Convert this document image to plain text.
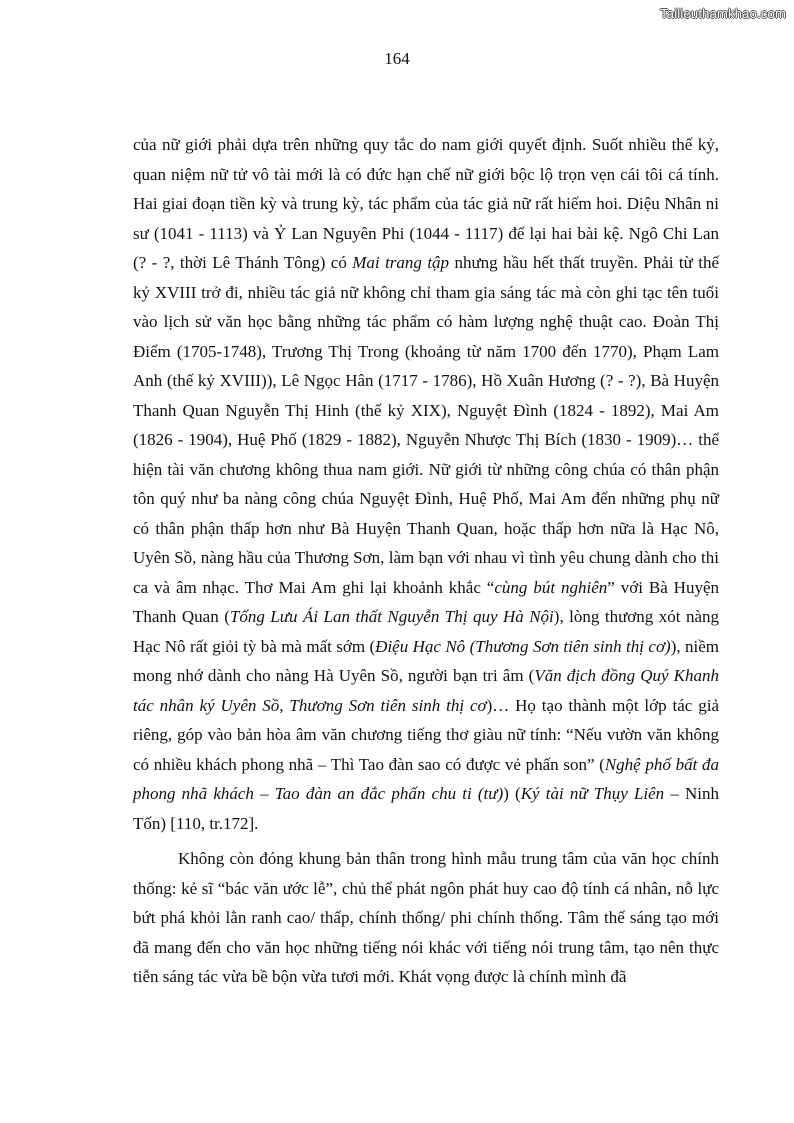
Tailieuthamkhao.com
164

của nữ giới phải dựa trên những quy tắc do nam giới quyết định. Suốt nhiều thế kỷ, quan niệm nữ tử vô tài mới là có đức hạn chế nữ giới bộc lộ trọn vẹn cái tôi cá tính. Hai giai đoạn tiền kỳ và trung kỳ, tác phẩm của tác giả nữ rất hiếm hoi. Diệu Nhân ni sư (1041 - 1113) và Ỷ Lan Nguyên Phi (1044 - 1117) để lại hai bài kệ. Ngô Chi Lan (? - ?, thời Lê Thánh Tông) có Mai trang tập nhưng hầu hết thất truyền. Phải từ thế kỷ XVIII trở đi, nhiều tác giả nữ không chỉ tham gia sáng tác mà còn ghi tạc tên tuổi vào lịch sử văn học bằng những tác phẩm có hàm lượng nghệ thuật cao. Đoàn Thị Điểm (1705-1748), Trương Thị Trong (khoảng từ năm 1700 đến 1770), Phạm Lam Anh (thế kỷ XVIII)), Lê Ngọc Hân (1717 - 1786), Hồ Xuân Hương (? - ?), Bà Huyện Thanh Quan Nguyễn Thị Hinh (thế kỷ XIX), Nguyệt Đình (1824 - 1892), Mai Am (1826 - 1904), Huệ Phố (1829 - 1882), Nguyễn Nhược Thị Bích (1830 - 1909)… thể hiện tài văn chương không thua nam giới. Nữ giới từ những công chúa có thân phận tôn quý như ba nàng công chúa Nguyệt Đình, Huệ Phố, Mai Am đến những phụ nữ có thân phận thấp hơn như Bà Huyện Thanh Quan, hoặc thấp hơn nữa là Hạc Nô, Uyên Sồ, nàng hầu của Thương Sơn, làm bạn với nhau vì tình yêu chung dành cho thi ca và âm nhạc. Thơ Mai Am ghi lại khoảnh khắc “cùng bút nghiên” với Bà Huyện Thanh Quan (Tống Lưu Ái Lan thất Nguyễn Thị quy Hà Nội), lòng thương xót nàng Hạc Nô rất giỏi tỳ bà mà mất sớm (Điệu Hạc Nô (Thương Sơn tiên sinh thị cơ)), niềm mong nhớ dành cho nàng Hà Uyên Sồ, người bạn tri âm (Văn địch đồng Quý Khanh tác nhân ký Uyên Sồ, Thương Sơn tiên sinh thị cơ)… Họ tạo thành một lớp tác giả riêng, góp vào bản hòa âm văn chương tiếng thơ giàu nữ tính: “Nếu vườn văn không có nhiều khách phong nhã – Thì Tao đàn sao có được vẻ phấn son” (Nghệ phố bất đa phong nhã khách – Tao đàn an đắc phấn chu ti (tư)) (Ký tài nữ Thụy Liên – Ninh Tốn) [110, tr.172].

Không còn đóng khung bản thân trong hình mẫu trung tâm của văn học chính thống: kẻ sĩ “bác văn ước lễ”, chủ thể phát ngôn phát huy cao độ tính cá nhân, nỗ lực bứt phá khỏi lằn ranh cao/ thấp, chính thống/ phi chính thống. Tâm thế sáng tạo mới đã mang đến cho văn học những tiếng nói khác với tiếng nói trung tâm, tạo nên thực tiễn sáng tác vừa bề bộn vừa tươi mới. Khát vọng được là chính mình đã
